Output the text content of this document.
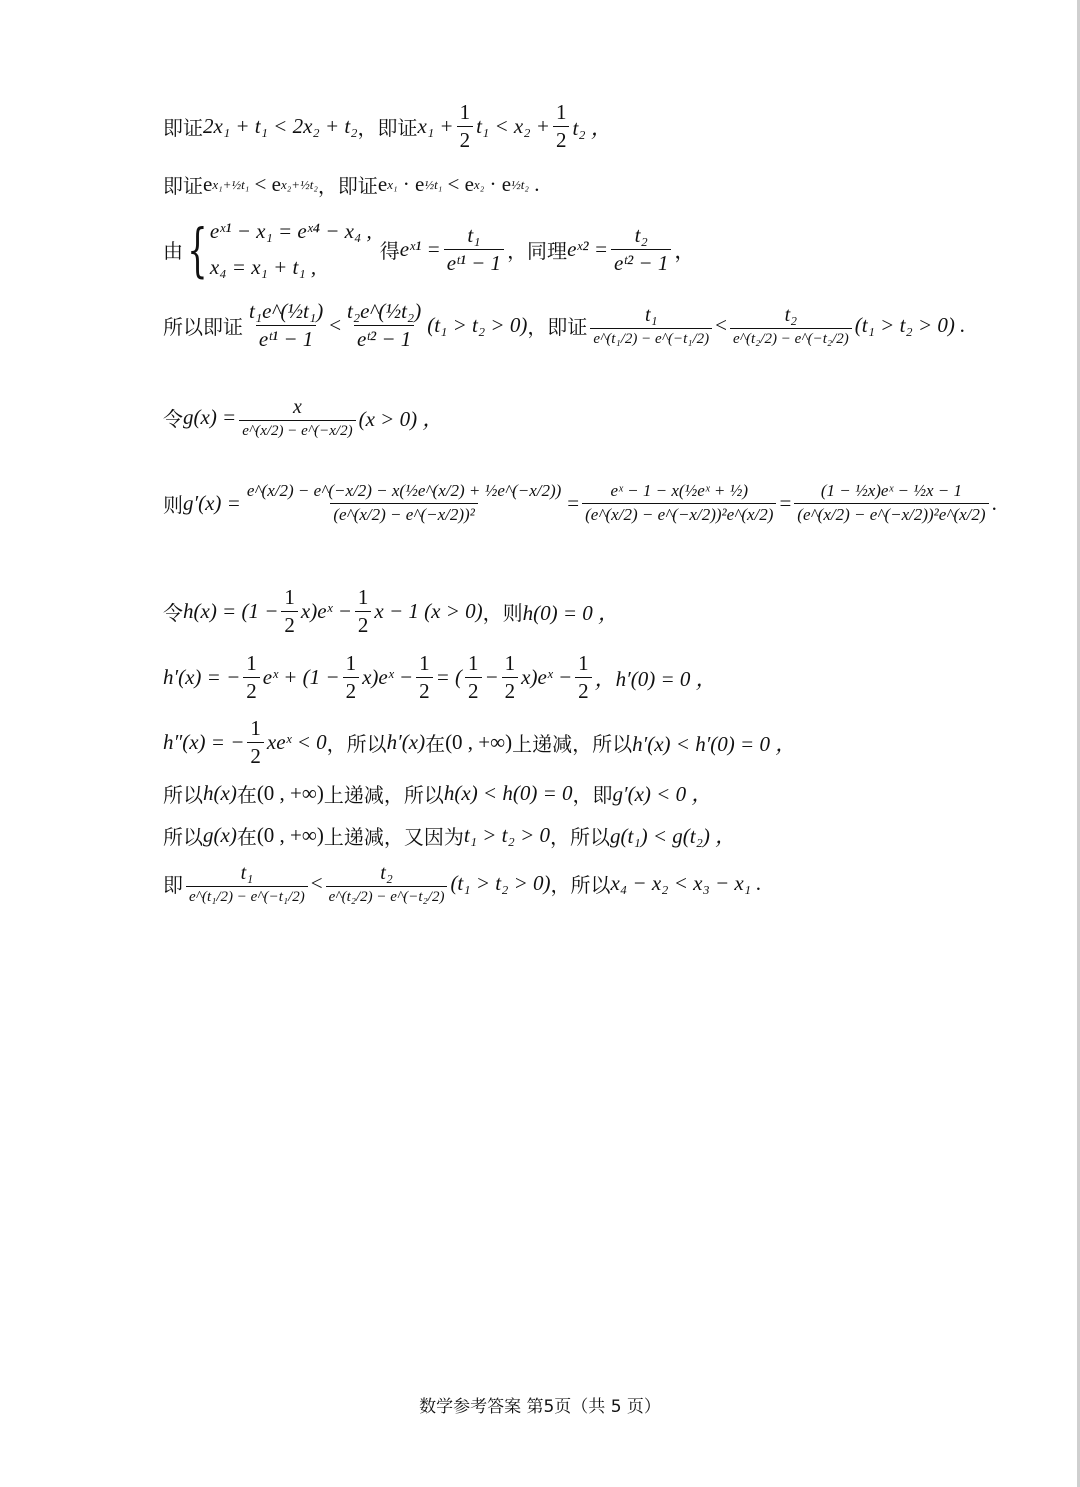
即证 2x₁ + t₁ < 2x₂ + t₂ ，即证 $x_1 + \frac{1}{2} t_1 < x_2 + \frac{1}{2} t_2$ ，
即证 e x₁+½t₁
< e x₂+½t₂ ，即证 e x₁
· e ½t₁
< e x₂
· e ½t₂
.
由 { eˣ¹ − x₁ = eˣ⁴ − x₄ ,
x₄ = x₁ + t₁ ,
得 eˣ¹ = $\frac{\text{t₁}}{\text{eᵗ¹ − 1}}$ ，同理 eˣ² = $\frac{\text{t₂}}{\text{eᵗ² − 1}}$ ，
所以即证 $\frac{\text{t₁e\textasciicircum{}(½t₁)}}{\text{eᵗ¹ − 1}} < \frac{\text{t₂e\textasciicircum{}(½t₂)}}{\text{eᵗ² − 1}} (t_1 > t_2 > 0)$ ，即证 $\frac{\text{t₁}}{\text{e\textasciicircum{}(t₁/2) − e\textasciicircum{}(−t₁/2)}} < \frac{\text{t₂}}{\text{e\textasciicircum{}(t₂/2) − e\textasciicircum{}(−t₂/2)}} (t_1 > t_2 > 0)$ .
令 $g(x) = \frac{x}{e\^{}(x/2) - e\^{}(-x/2)} (x > 0)$ ，
则 $g'(x) = \frac{\text{e\textasciicircum{}(x/2) − e\textasciicircum{}(−x/2) − x(½e\textasciicircum{}(x/2) + ½e\textasciicircum{}(−x/2))}}{\text{(e\textasciicircum{}(x/2) − e\textasciicircum{}(−x/2))²}} = \frac{\text{eˣ − 1 − x(½eˣ + ½)}}{\text{(e\textasciicircum{}(x/2) − e\textasciicircum{}(−x/2))²e\textasciicircum{}(x/2)}} = \frac{\text{(1 − ½x)eˣ − ½x − 1}}{\text{(e\textasciicircum{}(x/2) − e\textasciicircum{}(−x/2))²e\textasciicircum{}(x/2)}}$ .
令 $h(x) = (1 - \frac{1}{2}$ x)eˣ − $\frac{1}{2}$ x − 1 (x > 0) ，则 h(0) = 0 ，
h′(x) = − $\frac{1}{2}$ eˣ + ($1 - \frac{1}{2}$ x)eˣ − $\frac{1}{2}$ = ( $\frac{1}{2} - \frac{1}{2}$ x)eˣ − $\frac{1}{2}$ ，h′(0) = 0 ，
h″(x) = − $\frac{1}{2}$ xeˣ < 0 ，所以 h′(x) 在 (0 , +∞) 上递减，所以 h′(x) < h′(0) = 0 ，
所以 h(x) 在 (0 , +∞) 上递减，所以 h(x) < h(0) = 0 ，即 g′(x) < 0 ，
所以 g(x) 在 (0 , +∞) 上递减，又因为 t₁ > t₂ > 0 ，所以 g(t₁) < g(t₂) ，
即 $\frac{\text{t₁}}{\text{e\textasciicircum{}(t₁/2) − e\textasciicircum{}(−t₁/2)}} < \frac{\text{t₂}}{\text{e\textasciicircum{}(t₂/2) − e\textasciicircum{}(−t₂/2)}} (t_1 > t_2 > 0)$ ，所以 x₄ − x₂ < x₃ − x₁ .
数学参考答案 第5页（共 5 页）
